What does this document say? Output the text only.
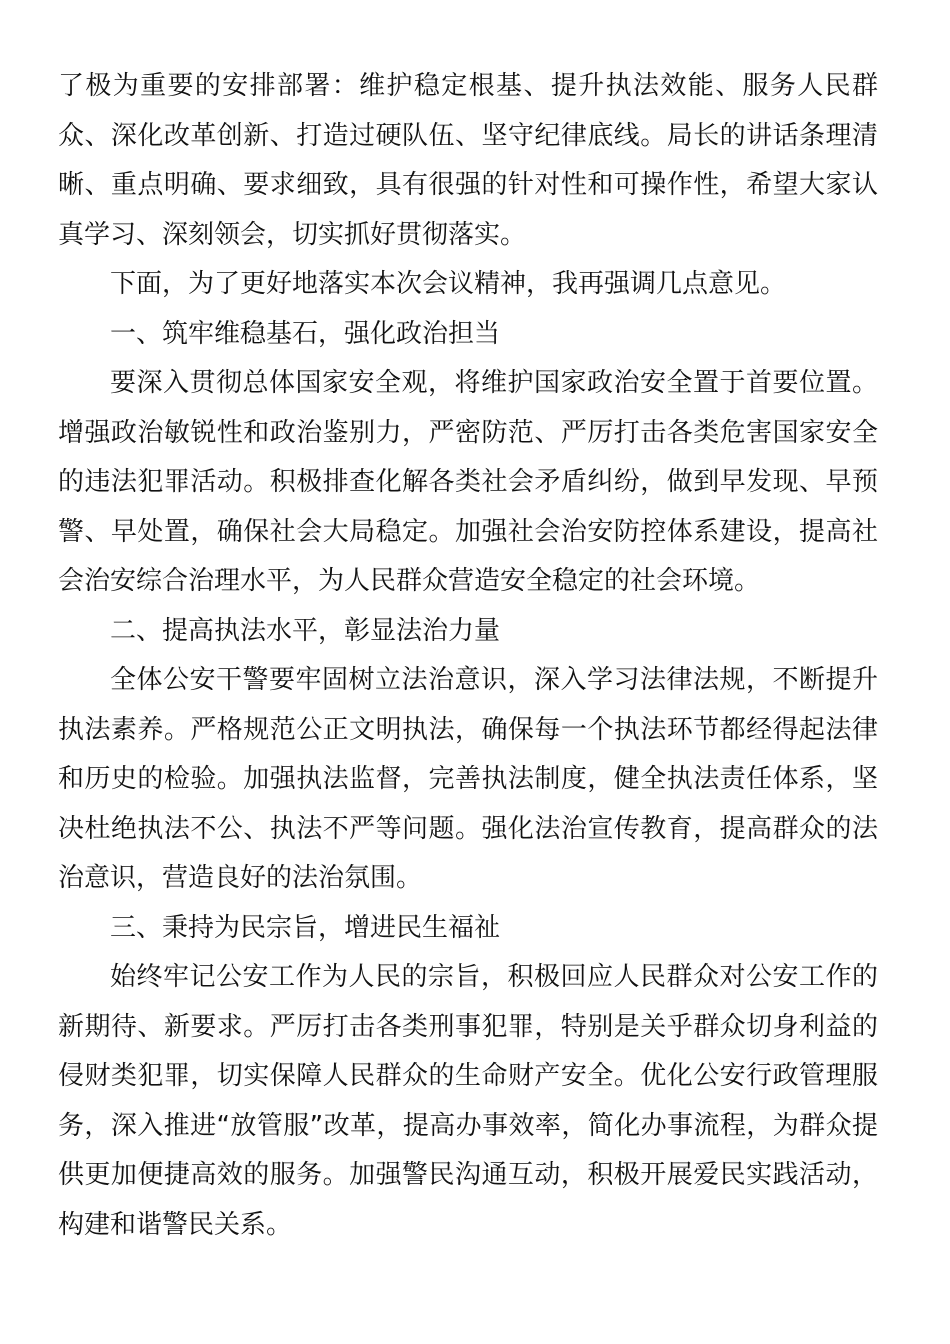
了极为重要的安排部署：维护稳定根基、提升执法效能、服务人民群众、深化改革创新、打造过硬队伍、坚守纪律底线。局长的讲话条理清晰、重点明确、要求细致，具有很强的针对性和可操作性，希望大家认真学习、深刻领会，切实抓好贯彻落实。

下面，为了更好地落实本次会议精神，我再强调几点意见。

一、筑牢维稳基石，强化政治担当

要深入贯彻总体国家安全观，将维护国家政治安全置于首要位置。增强政治敏锐性和政治鉴别力，严密防范、严厉打击各类危害国家安全的违法犯罪活动。积极排查化解各类社会矛盾纠纷，做到早发现、早预警、早处置，确保社会大局稳定。加强社会治安防控体系建设，提高社会治安综合治理水平，为人民群众营造安全稳定的社会环境。

二、提高执法水平，彰显法治力量

全体公安干警要牢固树立法治意识，深入学习法律法规，不断提升执法素养。严格规范公正文明执法，确保每一个执法环节都经得起法律和历史的检验。加强执法监督，完善执法制度，健全执法责任体系，坚决杜绝执法不公、执法不严等问题。强化法治宣传教育，提高群众的法治意识，营造良好的法治氛围。

三、秉持为民宗旨，增进民生福祉

始终牢记公安工作为人民的宗旨，积极回应人民群众对公安工作的新期待、新要求。严厉打击各类刑事犯罪，特别是关乎群众切身利益的侵财类犯罪，切实保障人民群众的生命财产安全。优化公安行政管理服务，深入推进“放管服”改革，提高办事效率，简化办事流程，为群众提供更加便捷高效的服务。加强警民沟通互动，积极开展爱民实践活动，构建和谐警民关系。
